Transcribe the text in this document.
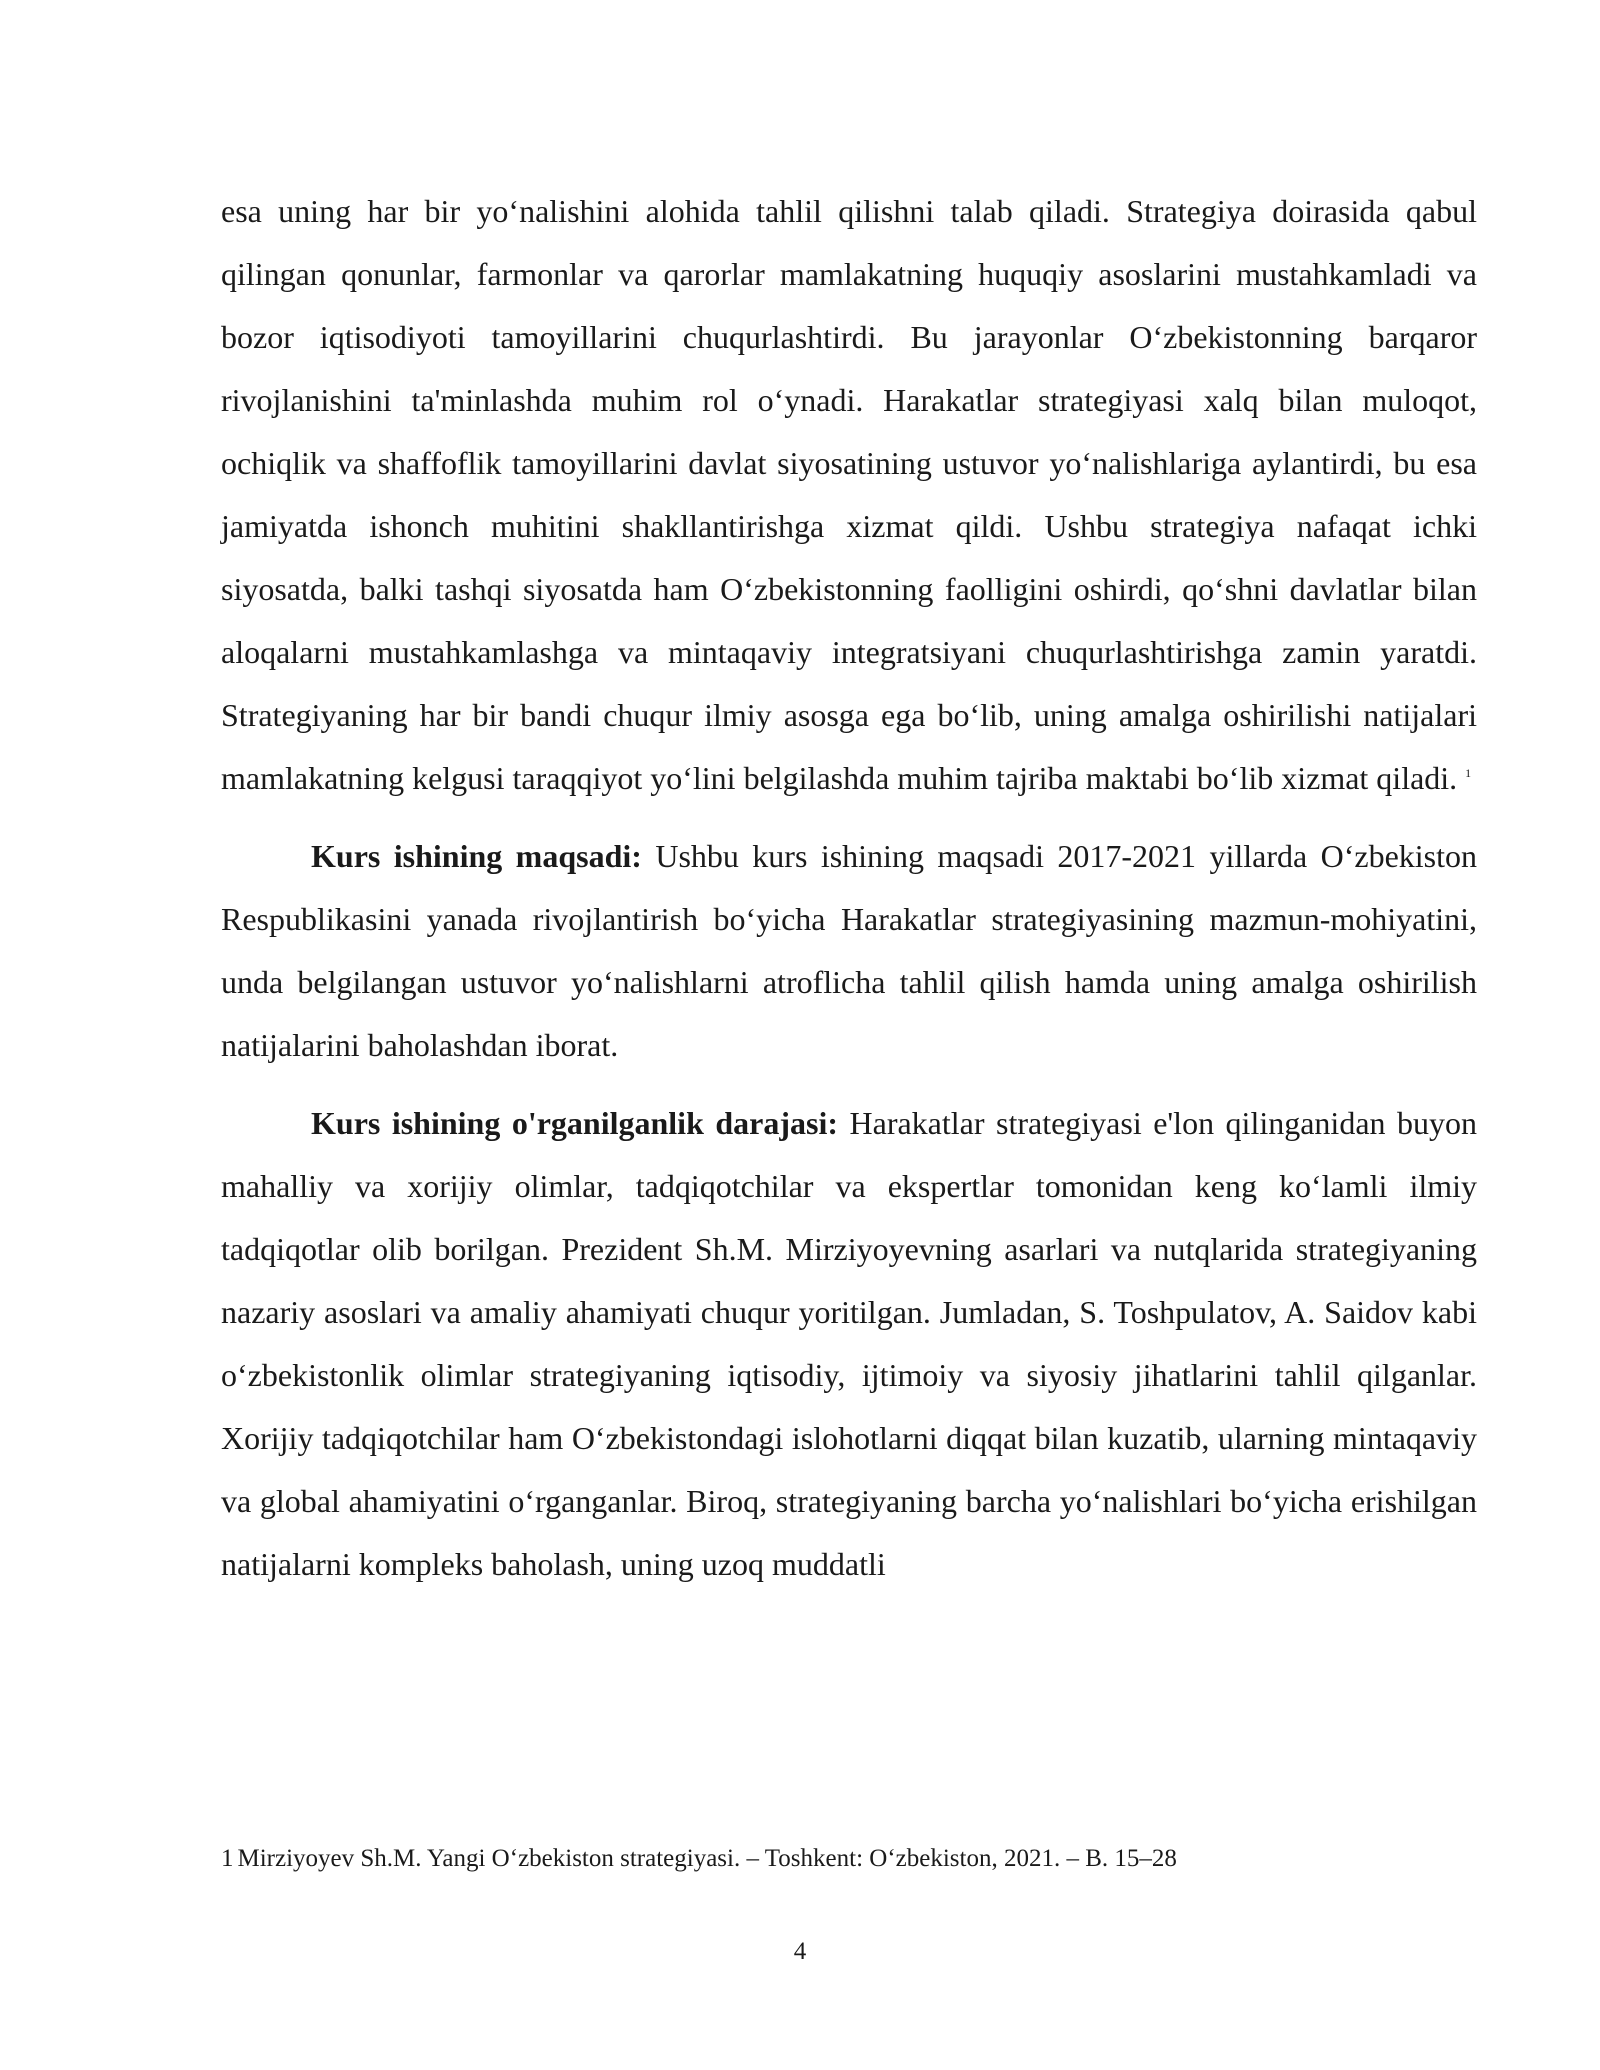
esa uning har bir yo‘nalishini alohida tahlil qilishni talab qiladi. Strategiya doirasida qabul qilingan qonunlar, farmonlar va qarorlar mamlakatning huquqiy asoslarini mustahkamladi va bozor iqtisodiyoti tamoyillarini chuqurlashtirdi. Bu jarayonlar O‘zbekistonning barqaror rivojlanishini ta'minlashda muhim rol o‘ynadi. Harakatlar strategiyasi xalq bilan muloqot, ochiqlik va shaffoflik tamoyillarini davlat siyosatining ustuvor yo‘nalishlariga aylantirdi, bu esa jamiyatda ishonch muhitini shakllantirishga xizmat qildi. Ushbu strategiya nafaqat ichki siyosatda, balki tashqi siyosatda ham O‘zbekistonning faolligini oshirdi, qo‘shni davlatlar bilan aloqalarni mustahkamlashga va mintaqaviy integratsiyani chuqurlashtirishga zamin yaratdi. Strategiyaning har bir bandi chuqur ilmiy asosga ega bo‘lib, uning amalga oshirilishi natijalari mamlakatning kelgusi taraqqiyot yo‘lini belgilashda muhim tajriba maktabi bo‘lib xizmat qiladi. $^1$

Kurs ishining maqsadi: Ushbu kurs ishining maqsadi 2017-2021 yillarda O‘zbekiston Respublikasini yanada rivojlantirish bo‘yicha Harakatlar strategiyasining mazmun-mohiyatini, unda belgilangan ustuvor yo‘nalishlarni atroflicha tahlil qilish hamda uning amalga oshirilish natijalarini baholashdan iborat.

Kurs ishining o'rganilganlik darajasi: Harakatlar strategiyasi e'lon qilinganidan buyon mahalliy va xorijiy olimlar, tadqiqotchilar va ekspertlar tomonidan keng ko‘lamli ilmiy tadqiqotlar olib borilgan. Prezident Sh.M. Mirziyoyevning asarlari va nutqlarida strategiyaning nazariy asoslari va amaliy ahamiyati chuqur yoritilgan. Jumladan, S. Toshpulatov, A. Saidov kabi o‘zbekistonlik olimlar strategiyaning iqtisodiy, ijtimoiy va siyosiy jihatlarini tahlil qilganlar. Xorijiy tadqiqotchilar ham O‘zbekistondagi islohotlarni diqqat bilan kuzatib, ularning mintaqaviy va global ahamiyatini o‘rganganlar. Biroq, strategiyaning barcha yo‘nalishlari bo‘yicha erishilgan natijalarni kompleks baholash, uning uzoq muddatli

1 Mirziyoyev Sh.M. Yangi O‘zbekiston strategiyasi. – Toshkent: O‘zbekiston, 2021. – B. 15–28

4
